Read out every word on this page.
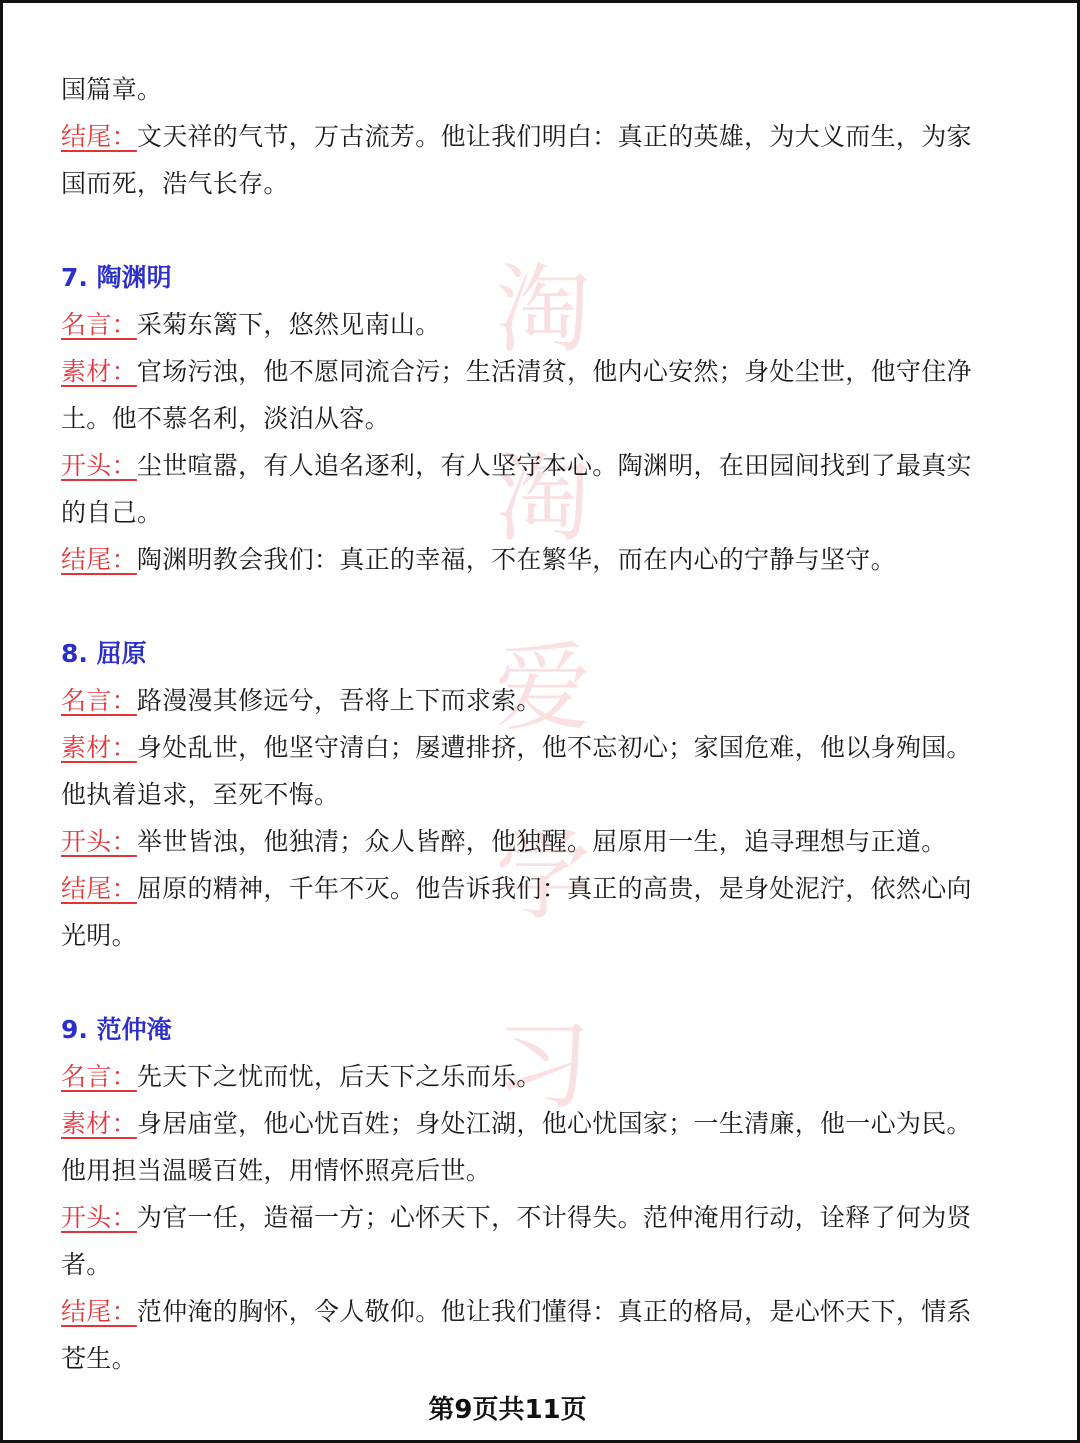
淘
淘
爱
学
习
国篇章。
结尾：文天祥的气节，万古流芳。他让我们明白：真正的英雄，为大义而生，为家
国而死，浩气长存。
7. 陶渊明
名言：采菊东篱下，悠然见南山。
素材：官场污浊，他不愿同流合污；生活清贫，他内心安然；身处尘世，他守住净
土。他不慕名利，淡泊从容。
开头：尘世喧嚣，有人追名逐利，有人坚守本心。陶渊明，在田园间找到了最真实
的自己。
结尾：陶渊明教会我们：真正的幸福，不在繁华，而在内心的宁静与坚守。
8. 屈原
名言：路漫漫其修远兮，吾将上下而求索。
素材：身处乱世，他坚守清白；屡遭排挤，他不忘初心；家国危难，他以身殉国。
他执着追求，至死不悔。
开头：举世皆浊，他独清；众人皆醉，他独醒。屈原用一生，追寻理想与正道。
结尾：屈原的精神，千年不灭。他告诉我们：真正的高贵，是身处泥泞，依然心向
光明。
9. 范仲淹
名言：先天下之忧而忧，后天下之乐而乐。
素材：身居庙堂，他心忧百姓；身处江湖，他心忧国家；一生清廉，他一心为民。
他用担当温暖百姓，用情怀照亮后世。
开头：为官一任，造福一方；心怀天下，不计得失。范仲淹用行动，诠释了何为贤
者。
结尾：范仲淹的胸怀，令人敬仰。他让我们懂得：真正的格局，是心怀天下，情系
苍生。
第9页共11页
